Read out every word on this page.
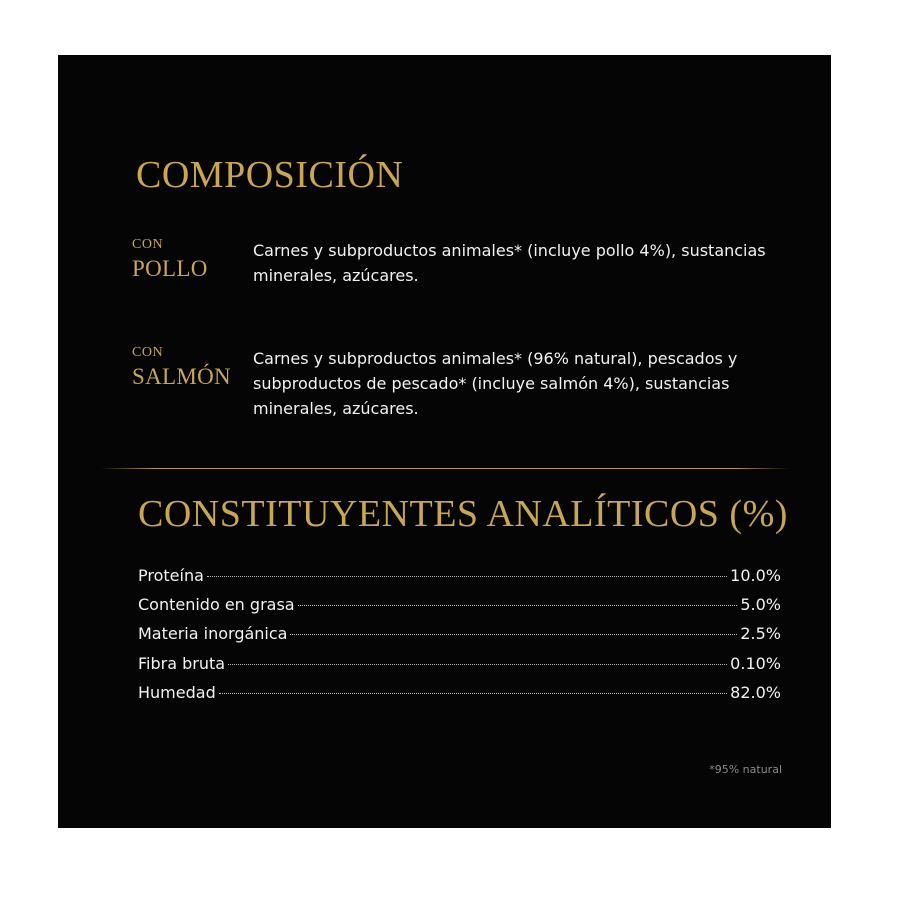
COMPOSICIÓN
CON
POLLO
Carnes y subproductos animales* (incluye pollo 4%), sustancias minerales, azúcares.
CON
SALMÓN
Carnes y subproductos animales* (96% natural), pescados y subproductos de pescado* (incluye salmón 4%), sustancias minerales, azúcares.
CONSTITUYENTES ANALÍTICOS (%)
Proteína	10.0%
Contenido en grasa	5.0%
Materia inorgánica	2.5%
Fibra bruta	0.10%
Humedad	82.0%
*95% natural
